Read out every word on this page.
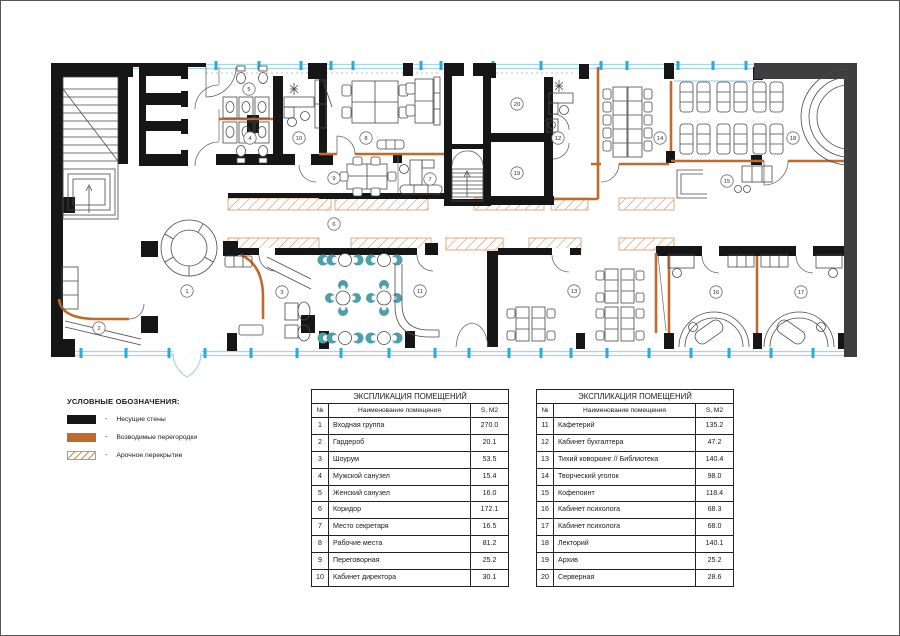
1
2
3
4
5
6
7
8
9
10
11
12
13
14
15
16	17
18
19
20
УСЛОВНЫЕ ОБОЗНАЧЕНИЯ:
- Несущие стены
- Возводимые перегородки
- Арочное перекрытие
ЭКСПЛИКАЦИЯ ПОМЕЩЕНИЙ
№	Наименование помещения	S, М2
1	Входная группа	270.0
2	Гардероб	20.1
3	Шоурум	53.5
4	Мужской санузел	15.4
5	Женский санузел	16.0
6	Коридор	172.1
7	Место секретаря	16.5
8	Рабочие места	81.2
9	Переговорная	25.2
10	Кабинет директора	30.1
ЭКСПЛИКАЦИЯ ПОМЕЩЕНИЙ
№	Наименование помещения	S, М2
11	Кафетерий	135.2
12	Кабинет бухгалтера	47.2
13	Тихий коворкинг // Библиотека	140.4
14	Творческий уголок	98.0
15	Кофепоинт	118.4
16	Кабинет психолога	68.3
17	Кабинет психолога	68.0
18	Лекторий	140.1
19	Архив	25.2
20	Серверная	28.6
